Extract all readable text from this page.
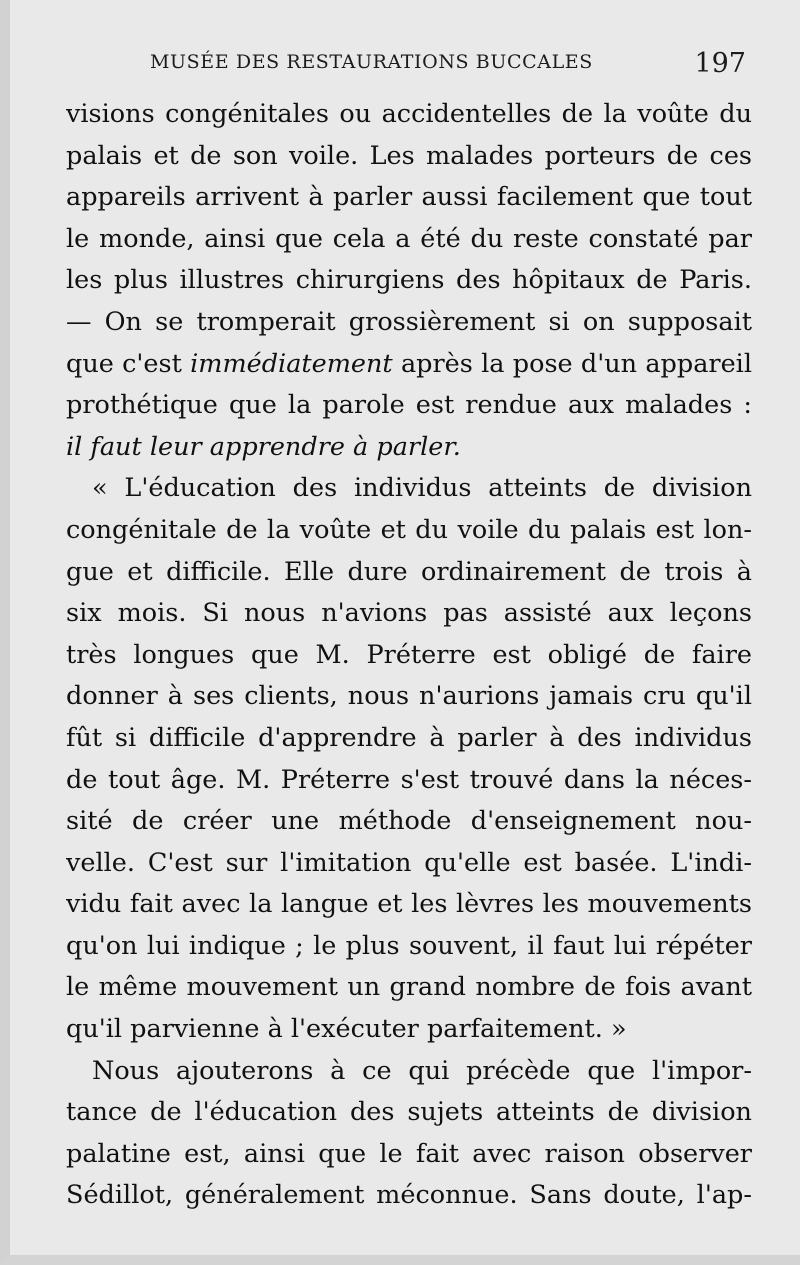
MUSÉE DES RESTAURATIONS BUCCALES	197
visions congénitales ou accidentelles de la voûte du
palais et de son voile. Les malades porteurs de ces
appareils arrivent à parler aussi facilement que tout
le monde, ainsi que cela a été du reste constaté par
les plus illustres chirurgiens des hôpitaux de Paris.
— On se tromperait grossièrement si on supposait
que c'est immédiatement après la pose d'un appareil
prothétique que la parole est rendue aux malades :
il faut leur apprendre à parler.
« L'éducation des individus atteints de division
congénitale de la voûte et du voile du palais est lon-
gue et difficile. Elle dure ordinairement de trois à
six mois. Si nous n'avions pas assisté aux leçons
très longues que M. Préterre est obligé de faire
donner à ses clients, nous n'aurions jamais cru qu'il
fût si difficile d'apprendre à parler à des individus
de tout âge. M. Préterre s'est trouvé dans la néces-
sité de créer une méthode d'enseignement nou-
velle. C'est sur l'imitation qu'elle est basée. L'indi-
vidu fait avec la langue et les lèvres les mouvements
qu'on lui indique ; le plus souvent, il faut lui répéter
le même mouvement un grand nombre de fois avant
qu'il parvienne à l'exécuter parfaitement. »
Nous ajouterons à ce qui précède que l'impor-
tance de l'éducation des sujets atteints de division
palatine est, ainsi que le fait avec raison observer
Sédillot, généralement méconnue. Sans doute, l'ap-
